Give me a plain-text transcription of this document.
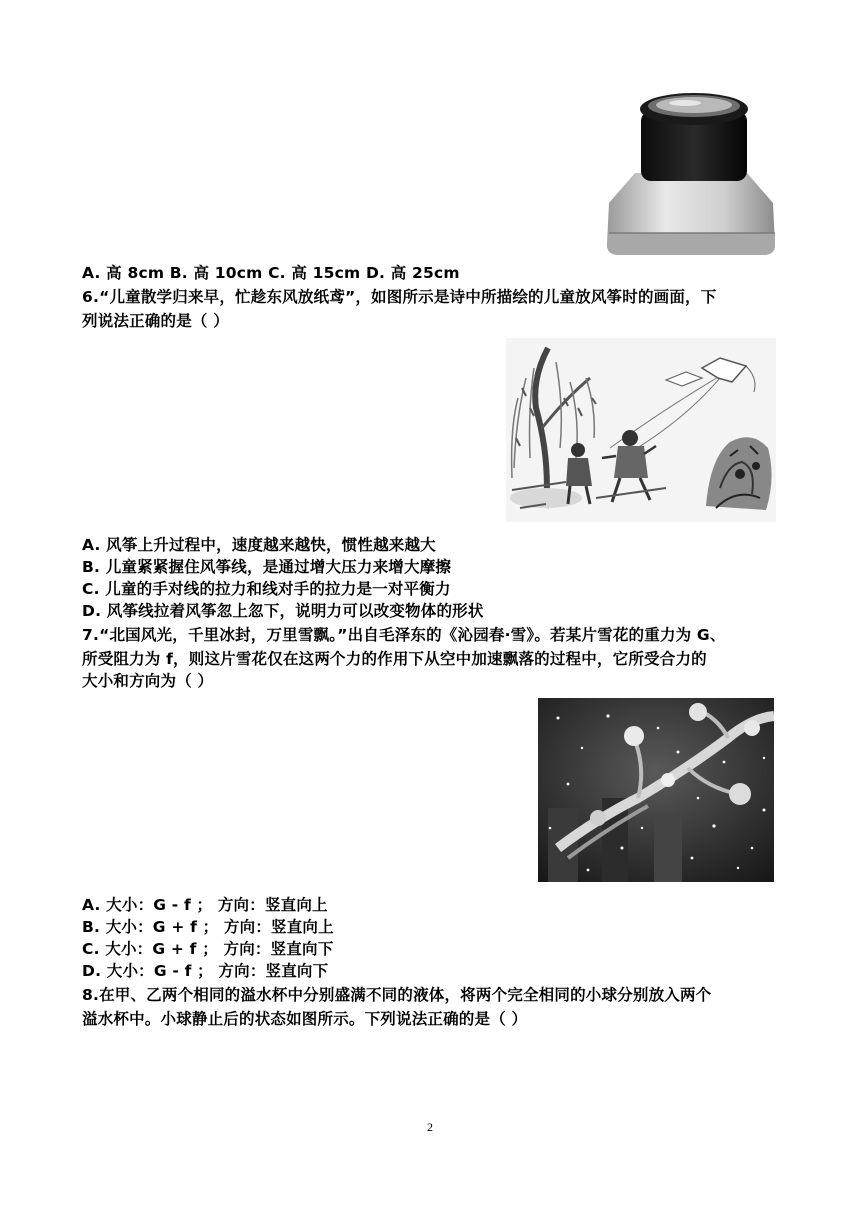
A. 高 8cm B. 高 10cm C. 高 15cm D. 高 25cm
6.“儿童散学归来早，忙趁东风放纸鸢”，如图所示是诗中所描绘的儿童放风筝时的画面，下
列说法正确的是（ ）
A. 风筝上升过程中，速度越来越快，惯性越来越大
B. 儿童紧紧握住风筝线，是通过增大压力来增大摩擦
C. 儿童的手对线的拉力和线对手的拉力是一对平衡力
D. 风筝线拉着风筝忽上忽下，说明力可以改变物体的形状
7.“北国风光，千里冰封，万里雪飘。”出自毛泽东的《沁园春·雪》。若某片雪花的重力为 G、
所受阻力为 f，则这片雪花仅在这两个力的作用下从空中加速飘落的过程中，它所受合力的
大小和方向为（ ）
A. 大小：G - f ； 方向：竖直向上
B. 大小：G + f ； 方向：竖直向上
C. 大小：G + f ； 方向：竖直向下
D. 大小：G - f ； 方向：竖直向下
8.在甲、乙两个相同的溢水杯中分别盛满不同的液体，将两个完全相同的小球分别放入两个
溢水杯中。小球静止后的状态如图所示。下列说法正确的是（ ）
2
